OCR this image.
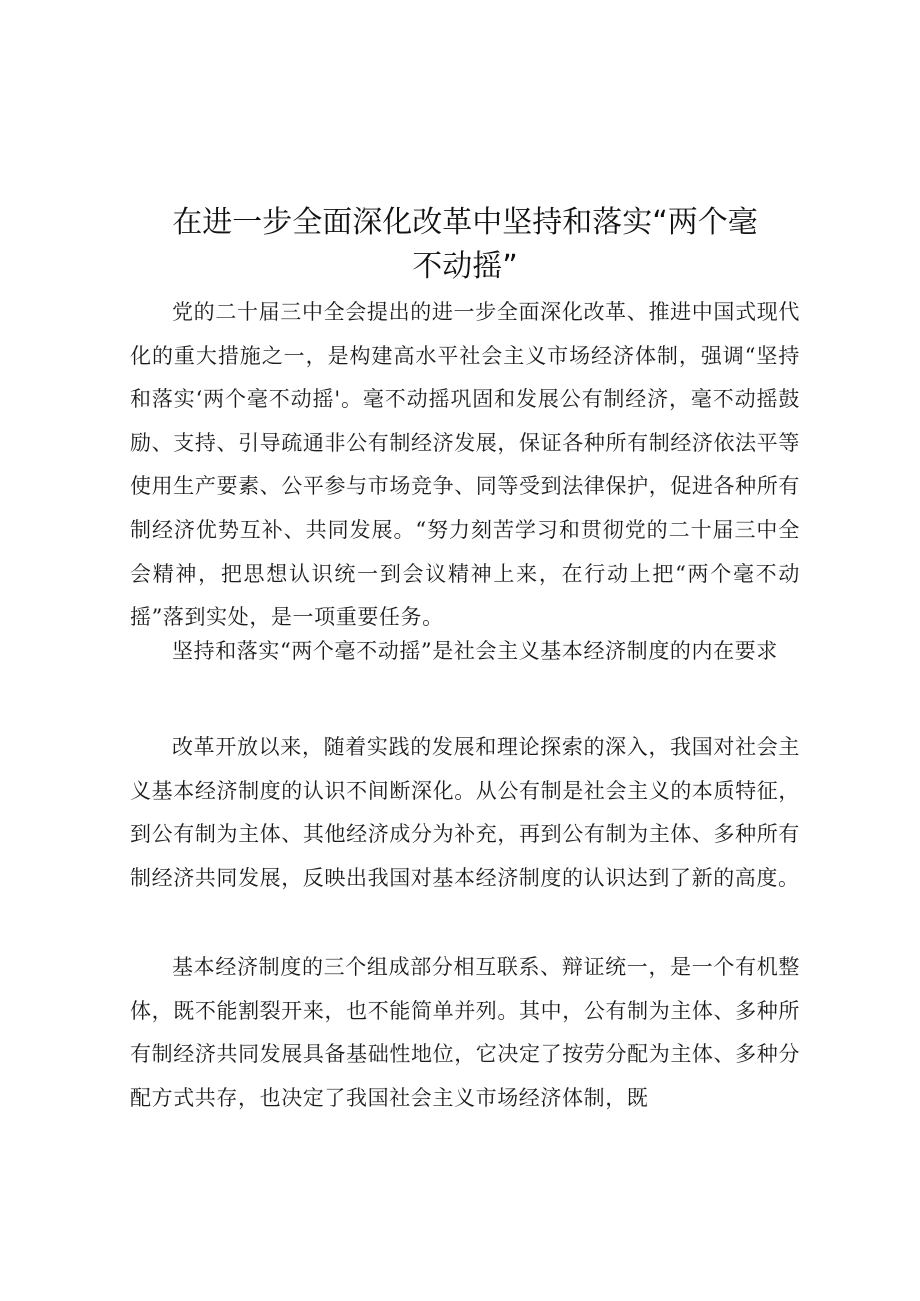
在进一步全面深化改革中坚持和落实“两个毫
不动摇”

党的二十届三中全会提出的进一步全面深化改革、推进中国式现代化的重大措施之一，是构建高水平社会主义市场经济体制，强调“坚持和落实‘两个毫不动摇'。毫不动摇巩固和发展公有制经济，毫不动摇鼓励、支持、引导疏通非公有制经济发展，保证各种所有制经济依法平等使用生产要素、公平参与市场竞争、同等受到法律保护，促进各种所有制经济优势互补、共同发展。“努力刻苦学习和贯彻党的二十届三中全会精神，把思想认识统一到会议精神上来，在行动上把“两个毫不动摇”落到实处，是一项重要任务。

坚持和落实“两个毫不动摇”是社会主义基本经济制度的内在要求

改革开放以来，随着实践的发展和理论探索的深入，我国对社会主义基本经济制度的认识不间断深化。从公有制是社会主义的本质特征，到公有制为主体、其他经济成分为补充，再到公有制为主体、多种所有制经济共同发展，反映出我国对基本经济制度的认识达到了新的高度。

基本经济制度的三个组成部分相互联系、辩证统一，是一个有机整体，既不能割裂开来，也不能简单并列。其中，公有制为主体、多种所有制经济共同发展具备基础性地位，它决定了按劳分配为主体、多种分配方式共存，也决定了我国社会主义市场经济体制，既
